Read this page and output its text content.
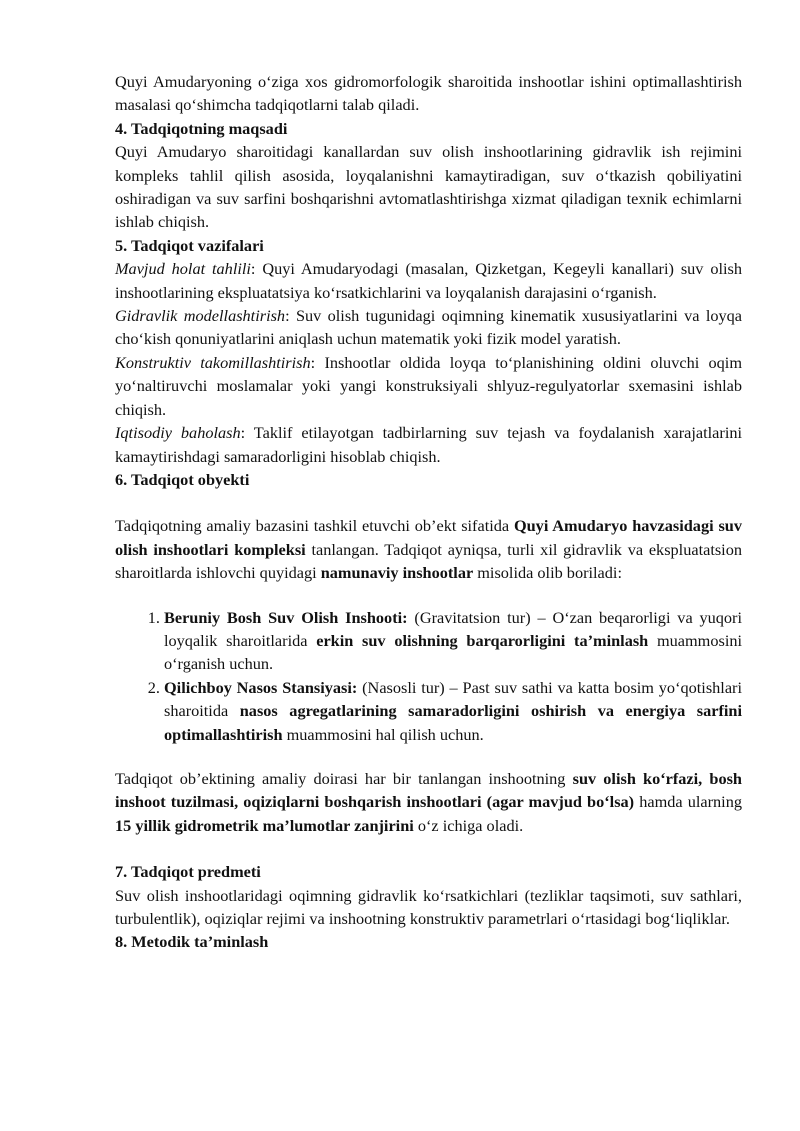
Quyi Amudaryoning o‘ziga xos gidromorfologik sharoitida inshootlar ishini optimallashtirish masalasi qo‘shimcha tadqiqotlarni talab qiladi.

4. Tadqiqotning maqsadi

Quyi Amudaryo sharoitidagi kanallardan suv olish inshootlarining gidravlik ish rejimini kompleks tahlil qilish asosida, loyqalanishni kamaytiradigan, suv o‘tkazish qobiliyatini oshiradigan va suv sarfini boshqarishni avtomatlashtirishga xizmat qiladigan texnik echimlarni ishlab chiqish.

5. Tadqiqot vazifalari

Mavjud holat tahlili: Quyi Amudaryodagi (masalan, Qizketgan, Kegeyli kanallari) suv olish inshootlarining ekspluatatsiya ko‘rsatkichlarini va loyqalanish darajasini o‘rganish.

Gidravlik modellashtirish: Suv olish tugunidagi oqimning kinematik xususiyatlarini va loyqa cho‘kish qonuniyatlarini aniqlash uchun matematik yoki fizik model yaratish.

Konstruktiv takomillashtirish: Inshootlar oldida loyqa to‘planishining oldini oluvchi oqim yo‘naltiruvchi moslamalar yoki yangi konstruksiyali shlyuz-regulyatorlar sxemasini ishlab chiqish.

Iqtisodiy baholash: Taklif etilayotgan tadbirlarning suv tejash va foydalanish xarajatlarini kamaytirishdagi samaradorligini hisoblab chiqish.

6. Tadqiqot obyekti

Tadqiqotning amaliy bazasini tashkil etuvchi ob’ekt sifatida Quyi Amudaryo havzasidagi suv olish inshootlari kompleksi tanlangan. Tadqiqot ayniqsa, turli xil gidravlik va ekspluatatsion sharoitlarda ishlovchi quyidagi namunaviy inshootlar misolida olib boriladi:

1. Beruniy Bosh Suv Olish Inshooti: (Gravitatsion tur) – O‘zan beqarorligi va yuqori loyqalik sharoitlarida erkin suv olishning barqarorligini ta’minlash muammosini o‘rganish uchun.
2. Qilichboy Nasos Stansiyasi: (Nasosli tur) – Past suv sathi va katta bosim yo‘qotishlari sharoitida nasos agregatlarining samaradorligini oshirish va energiya sarfini optimallashtirish muammosini hal qilish uchun.

Tadqiqot ob’ektining amaliy doirasi har bir tanlangan inshootning suv olish ko‘rfazi, bosh inshoot tuzilmasi, oqiziqlarni boshqarish inshootlari (agar mavjud bo‘lsa) hamda ularning 15 yillik gidrometrik ma’lumotlar zanjirini o‘z ichiga oladi.

7. Tadqiqot predmeti

Suv olish inshootlaridagi oqimning gidravlik ko‘rsatkichlari (tezliklar taqsimoti, suv sathlari, turbulentlik), oqiziqlar rejimi va inshootning konstruktiv parametrlari o‘rtasidagi bog‘liqliklar.

8. Metodik ta’minlash
